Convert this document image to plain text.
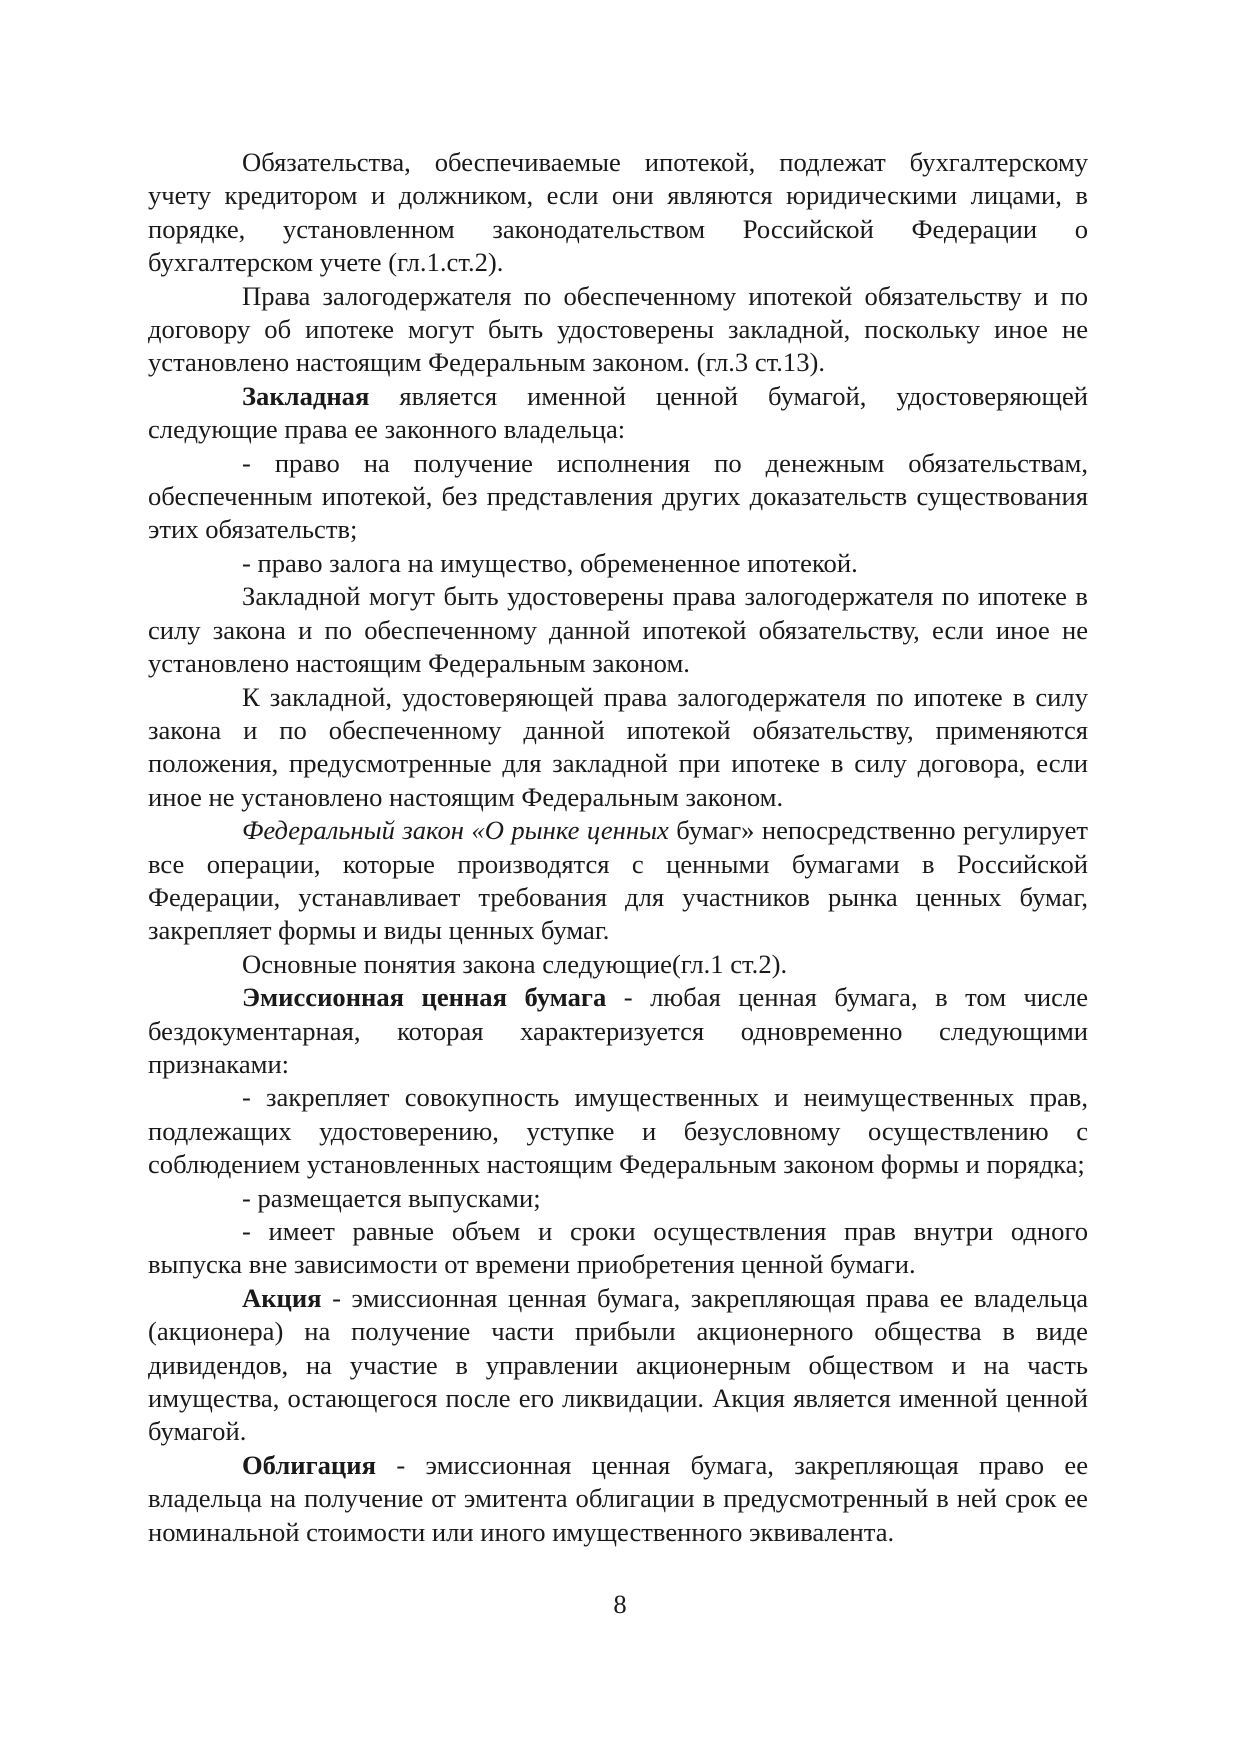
Обязательства, обеспечиваемые ипотекой, подлежат бухгалтерскому учету кредитором и должником, если они являются юридическими лицами, в порядке, установленном законодательством Российской Федерации о бухгалтерском учете (гл.1.ст.2).

Права залогодержателя по обеспеченному ипотекой обязательству и по договору об ипотеке могут быть удостоверены закладной, поскольку иное не установлено настоящим Федеральным законом. (гл.3 ст.13).

Закладная является именной ценной бумагой, удостоверяющей следующие права ее законного владельца:

- право на получение исполнения по денежным обязательствам, обеспеченным ипотекой, без представления других доказательств существования этих обязательств;

- право залога на имущество, обремененное ипотекой.

Закладной могут быть удостоверены права залогодержателя по ипотеке в силу закона и по обеспеченному данной ипотекой обязательству, если иное не установлено настоящим Федеральным законом.

К закладной, удостоверяющей права залогодержателя по ипотеке в силу закона и по обеспеченному данной ипотекой обязательству, применяются положения, предусмотренные для закладной при ипотеке в силу договора, если иное не установлено настоящим Федеральным законом.

Федеральный закон «О рынке ценных бумаг» непосредственно регулирует все операции, которые производятся с ценными бумагами в Российской Федерации, устанавливает требования для участников рынка ценных бумаг, закрепляет формы и виды ценных бумаг.

Основные понятия закона следующие(гл.1 ст.2).

Эмиссионная ценная бумага - любая ценная бумага, в том числе бездокументарная, которая характеризуется одновременно следующими признаками:

- закрепляет совокупность имущественных и неимущественных прав, подлежащих удостоверению, уступке и безусловному осуществлению с соблюдением установленных настоящим Федеральным законом формы и порядка;

- размещается выпусками;

- имеет равные объем и сроки осуществления прав внутри одного выпуска вне зависимости от времени приобретения ценной бумаги.

Акция - эмиссионная ценная бумага, закрепляющая права ее владельца (акционера) на получение части прибыли акционерного общества в виде дивидендов, на участие в управлении акционерным обществом и на часть имущества, остающегося после его ликвидации. Акция является именной ценной бумагой.

Облигация - эмиссионная ценная бумага, закрепляющая право ее владельца на получение от эмитента облигации в предусмотренный в ней срок ее номинальной стоимости или иного имущественного эквивалента.

8
